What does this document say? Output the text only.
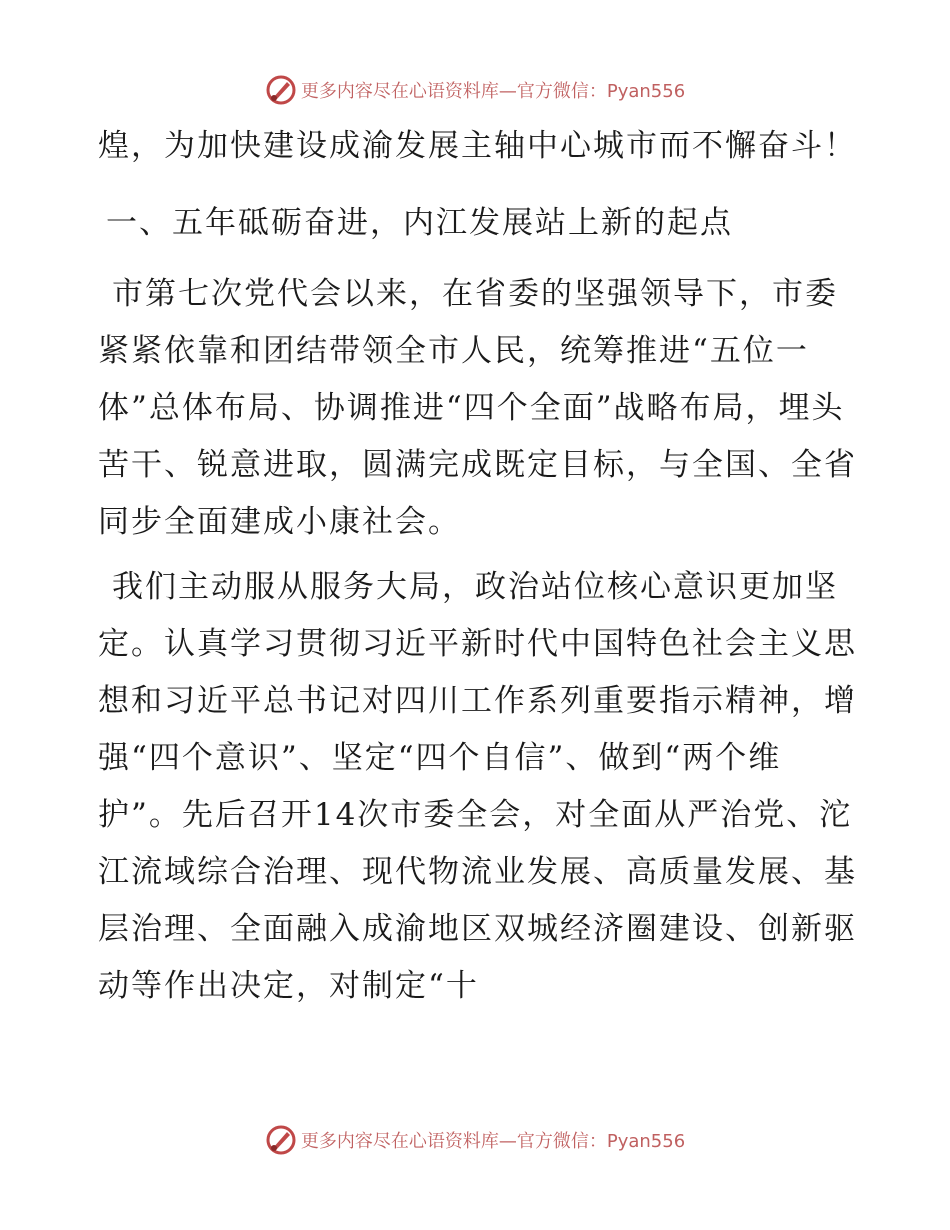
更多内容尽在心语资料库—官方微信：Pyan556

煌，为加快建设成渝发展主轴中心城市而不懈奋斗！

一、五年砥砺奋进，内江发展站上新的起点

市第七次党代会以来，在省委的坚强领导下，市委紧紧依靠和团结带领全市人民，统筹推进“五位一体”总体布局、协调推进“四个全面”战略布局，埋头苦干、锐意进取，圆满完成既定目标，与全国、全省同步全面建成小康社会。

我们主动服从服务大局，政治站位核心意识更加坚定。认真学习贯彻习近平新时代中国特色社会主义思想和习近平总书记对四川工作系列重要指示精神，增强“四个意识”、坚定“四个自信”、做到“两个维护”。先后召开14次市委全会，对全面从严治党、沱江流域综合治理、现代物流业发展、高质量发展、基层治理、全面融入成渝地区双城经济圈建设、创新驱动等作出决定，对制定“十

更多内容尽在心语资料库—官方微信：Pyan556
